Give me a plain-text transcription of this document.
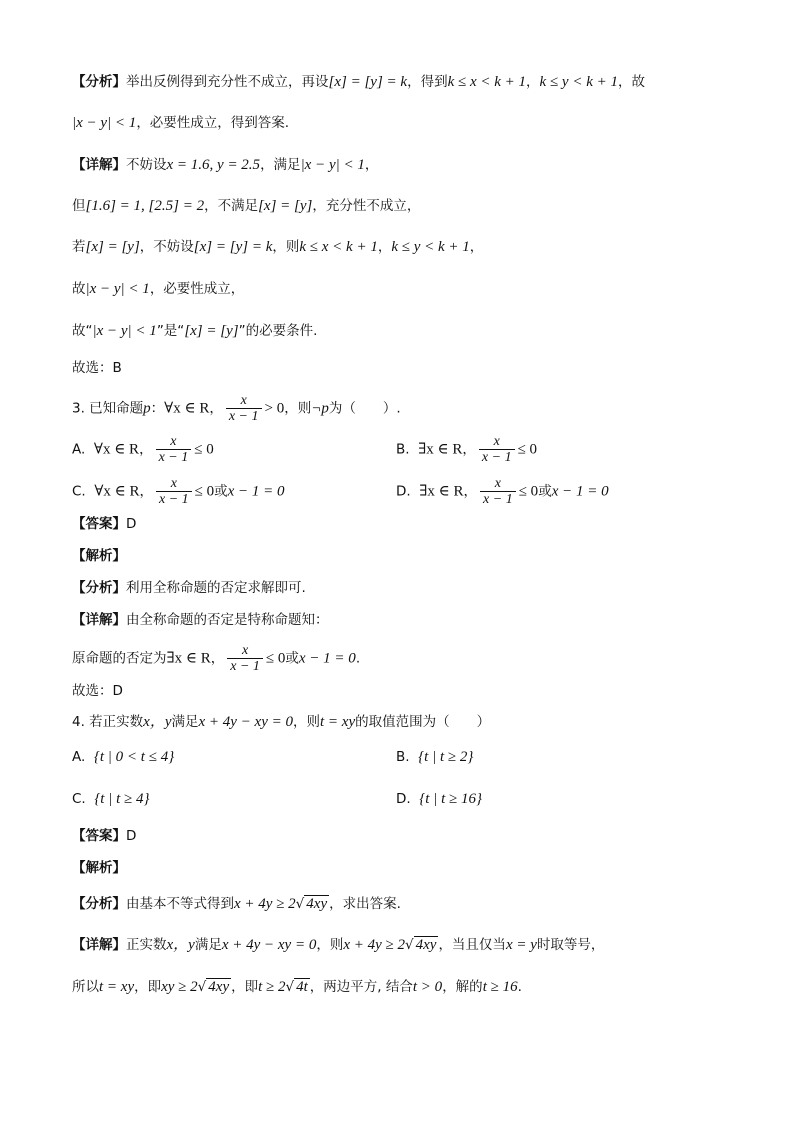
【分析】举出反例得到充分性不成立，再设[x] = [y] = k，得到k ≤ x < k + 1，k ≤ y < k + 1，故
|x − y| < 1，必要性成立，得到答案.
【详解】不妨设x = 1.6, y = 2.5，满足|x − y| < 1，
但[1.6] = 1, [2.5] = 2，不满足[x] = [y]，充分性不成立，
若[x] = [y]，不妨设[x] = [y] = k，则k ≤ x < k + 1，k ≤ y < k + 1，
故|x − y| < 1，必要性成立，
故“|x − y| < 1”是“[x] = [y]”的必要条件.
故选：B
3. 已知命题p：∀x ∈ R， $\frac{x}{x - 1} > 0$，则¬p为（　　）.
A. ∀x ∈ R， $\frac{x}{x - 1} \le 0$	B. ∃x ∈ R， $\frac{x}{x - 1} \le 0$
C. ∀x ∈ R， $\frac{x}{x - 1} \le 0$或x − 1 = 0	D. ∃x ∈ R， $\frac{x}{x - 1} \le 0$或x − 1 = 0
【答案】D
【解析】
【分析】利用全称命题的否定求解即可.
【详解】由全称命题的否定是特称命题知：
原命题的否定为∃x ∈ R， $\frac{x}{x - 1} \le 0$或x − 1 = 0.
故选：D
4. 若正实数x，y满足x + 4y − xy = 0，则t = xy的取值范围为（　　）
A. {t | 0 < t ≤ 4}	B. {t | t ≥ 2}
C. {t | t ≥ 4}	D. {t | t ≥ 16}
【答案】D
【解析】
【分析】由基本不等式得到x + 4y ≥ 2√ 4xy ，求出答案.
【详解】正实数x，y满足x + 4y − xy = 0，则x + 4y ≥ 2√ 4xy ，当且仅当x = y时取等号，
所以t = xy，即xy ≥ 2√ 4xy ，即t ≥ 2√ 4t ，两边平方, 结合t > 0，解的t ≥ 16.
